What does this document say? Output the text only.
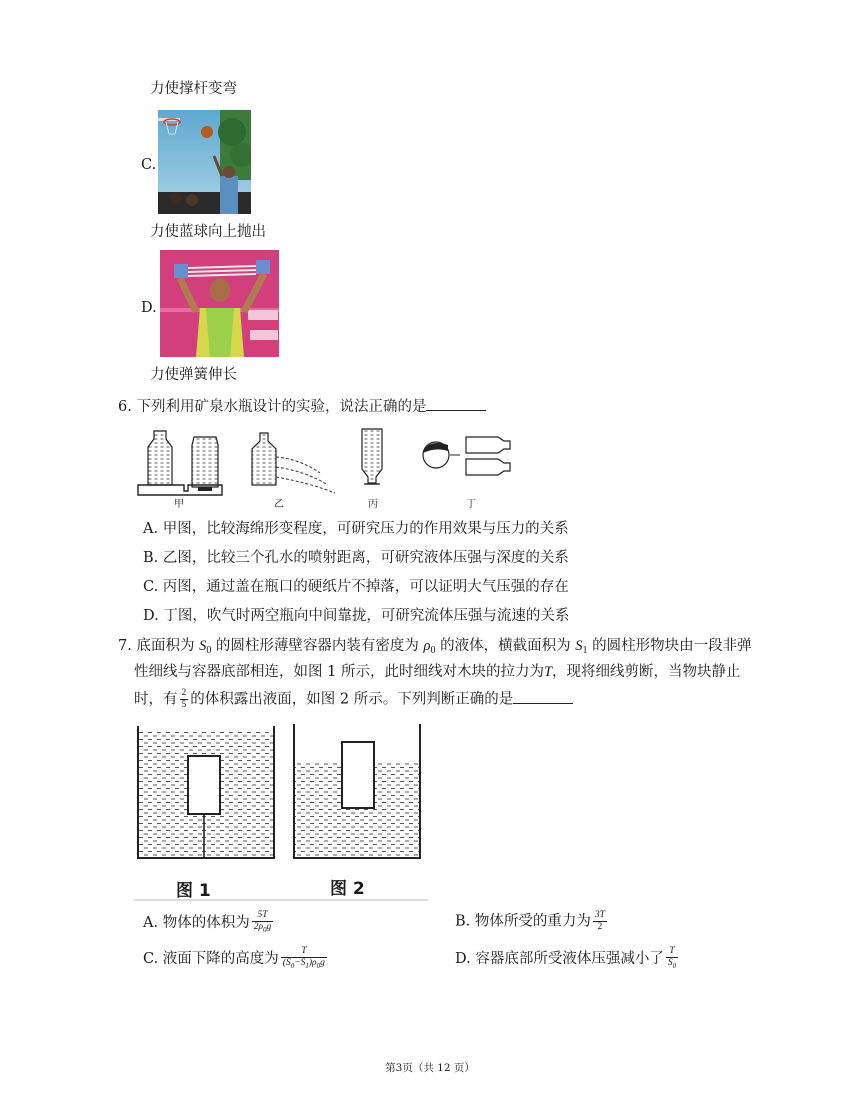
力使撑杆变弯
C.
力使蓝球向上抛出
D.
力使弹簧伸长
6. 下列利用矿泉水瓶设计的实验，说法正确的是
甲	乙	丙	丁
A. 甲图，比较海绵形变程度，可研究压力的作用效果与压力的关系
B. 乙图，比较三个孔水的喷射距离，可研究液体压强与深度的关系
C. 丙图，通过盖在瓶口的硬纸片不掉落，可以证明大气压强的存在
D. 丁图，吹气时两空瓶向中间靠拢，可研究流体压强与流速的关系
7. 底面积为 $S_0$ 的圆柱形薄壁容器内装有密度为 $\rho_0$ 的液体，横截面积为 $S_1$ 的圆柱形物块由一段非弹
性细线与容器底部相连，如图 1 所示，此时细线对木块的拉力为T，现将细线剪断，当物块静止
时，有 $\frac{2}{5}$ 的体积露出液面，如图 2 所示。下列判断正确的是
图 1	图 2
A. 物体的体积为 $\frac{5T}{2\rho_0g}$	B. 物体所受的重力为 $\frac{3T}{2}$
C. 液面下降的高度为 $\frac{T}{(S_0-S_1)\rho_0g}$	D. 容器底部所受液体压强减小了 $\frac{T}{S_0}$
第3页（共 12 页）
